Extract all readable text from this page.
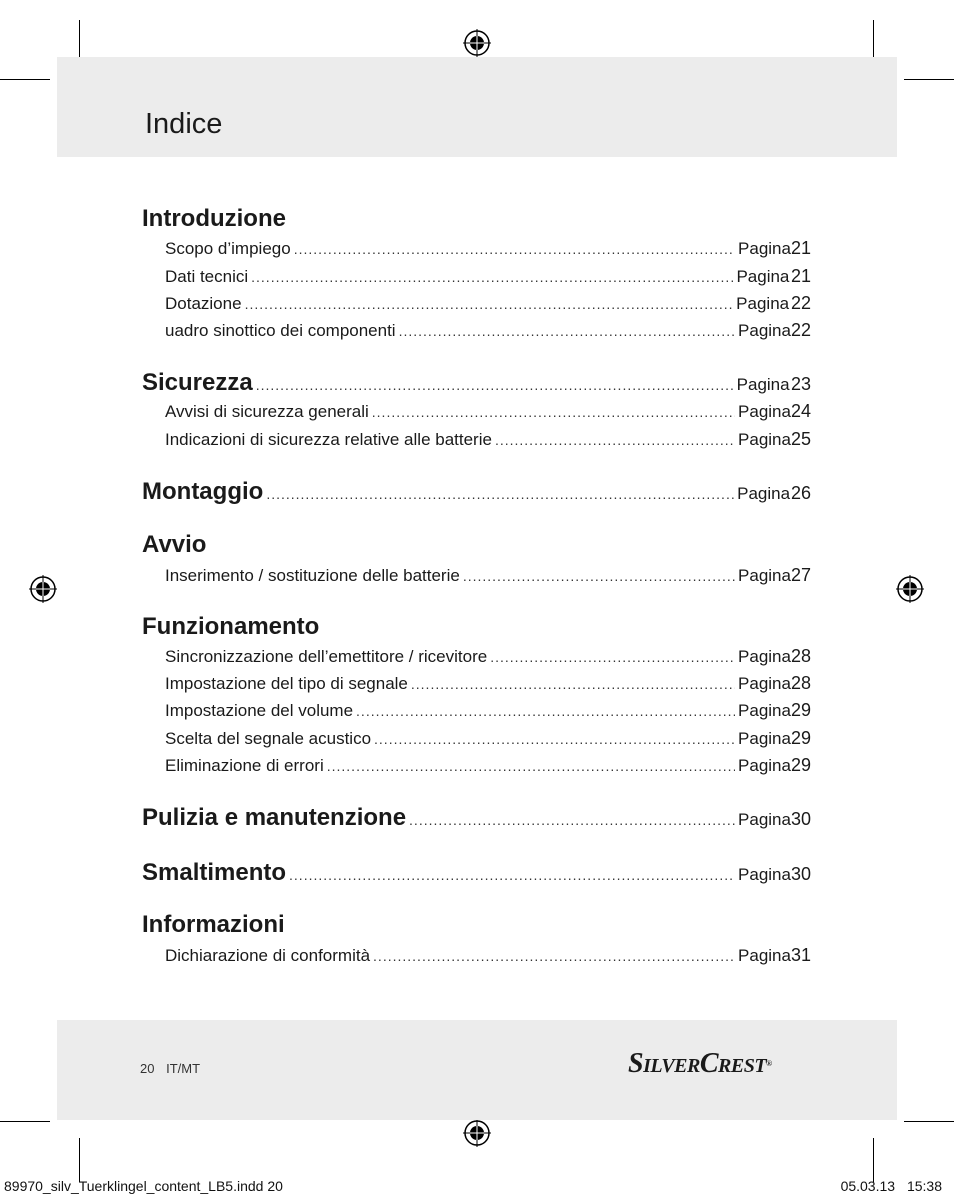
Indice
Introduzione
Scopo d’impiego .....	Pagina 21
Dati tecnici .....	Pagina 21
Dotazione .....	Pagina 22
uadro sinottico dei componenti .....	Pagina 22
Sicurezza .....	Pagina 23
Avvisi di sicurezza generali .....	Pagina 24
Indicazioni di sicurezza relative alle batterie .....	Pagina 25
Montaggio .....	Pagina 26
Avvio
Inserimento / sostituzione delle batterie .....	Pagina 27
Funzionamento
Sincronizzazione dell’emettitore / ricevitore .....	Pagina 28
Impostazione del tipo di segnale .....	Pagina 28
Impostazione del volume .....	Pagina 29
Scelta del segnale acustico .....	Pagina 29
Eliminazione di errori .....	Pagina 29
Pulizia e manutenzione .....	Pagina 30
Smaltimento .....	Pagina 30
Informazioni
Dichiarazione di conformità .....	Pagina 31
20 IT/MT	SILVERCREST®
89970_silv_Tuerklingel_content_LB5.indd 20	05.03.13 15:38
